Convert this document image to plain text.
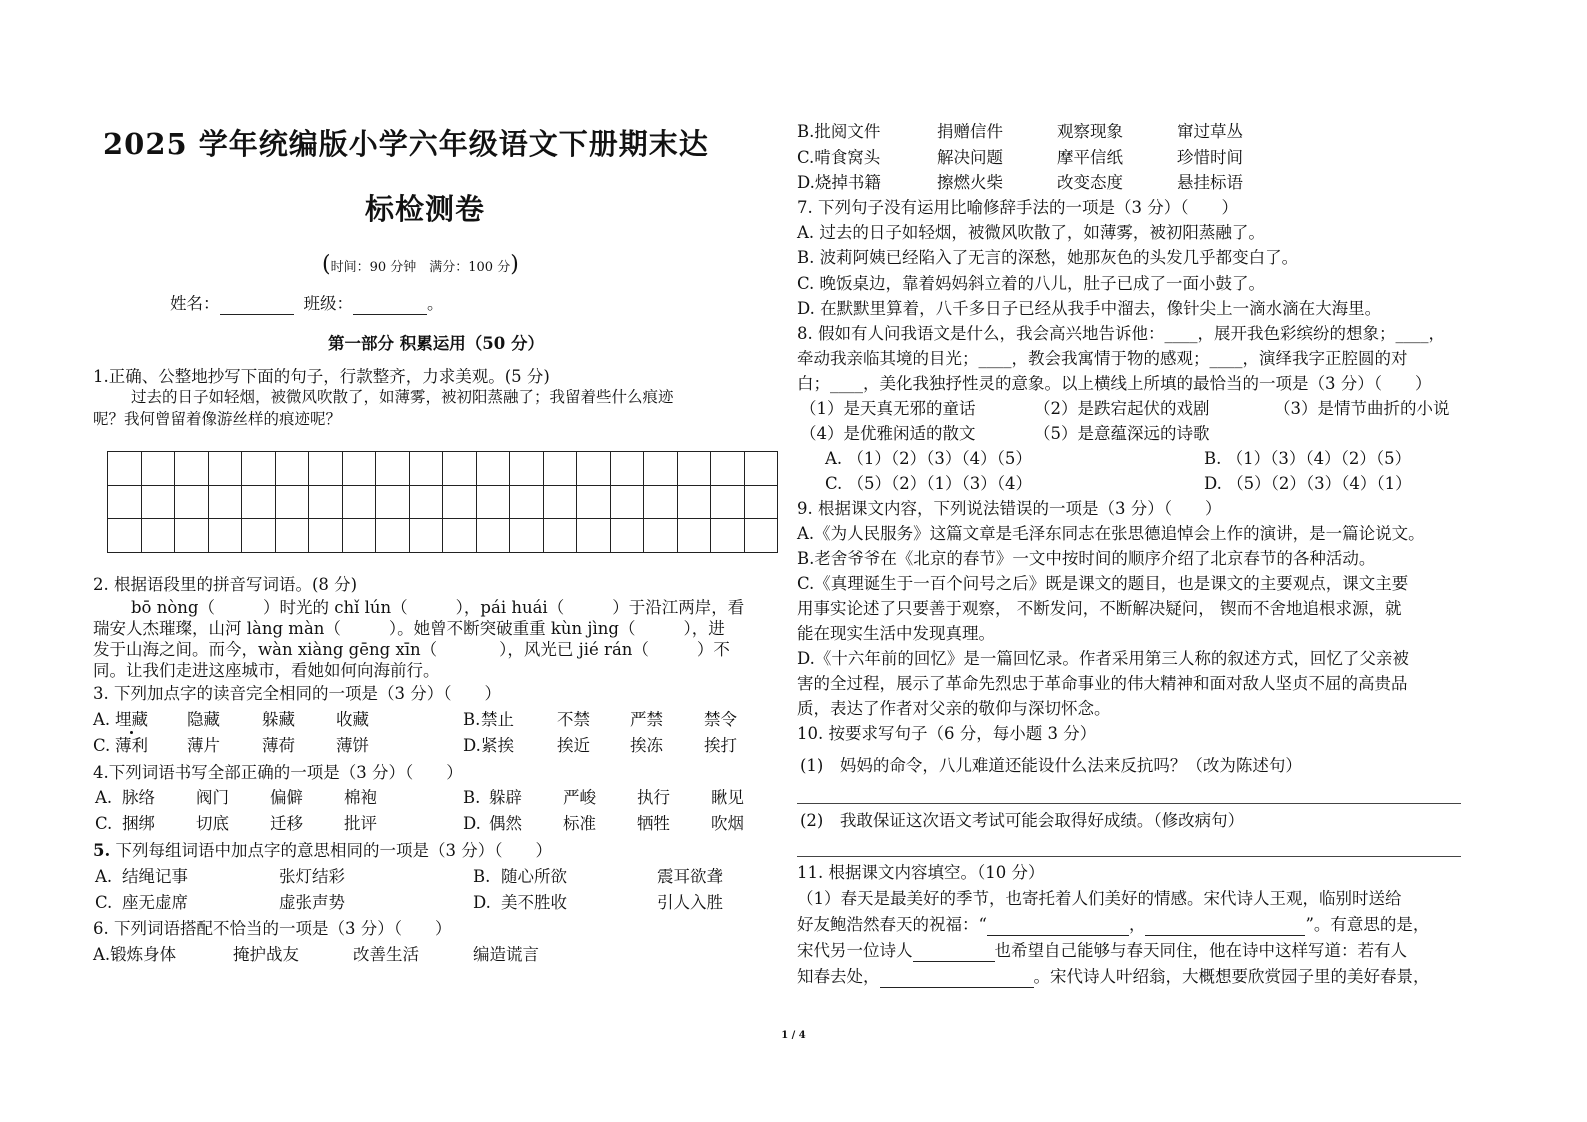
2025 学年统编版小学六年级语文下册期末达
标检测卷
(时间：90 分钟　满分：100 分)
姓名：	班级：	。
第一部分 积累运用（50 分）
1.正确、公整地抄写下面的句子，行款整齐，力求美观。(5 分)
过去的日子如轻烟，被微风吹散了，如薄雾，被初阳蒸融了；我留着些什么痕迹
呢？我何曾留着像游丝样的痕迹呢？

2. 根据语段里的拼音写词语。(8 分)
bō nòng（	）时光的 chǐ lún（	），pái huái（	）于沿江两岸，看
瑞安人杰璀璨，山河 làng màn（	）。她曾不断突破重重 kùn jìng（	），进
发于山海之间。而今，wàn xiàng gēng xīn（	），风光已 jié rán（	）不
同。让我们走进这座城市，看她如何向海前行。
3. 下列加点字的读音完全相同的一项是（3 分）（　　）
A. 埋藏 隐藏	躲藏 收藏	B. 禁止	不禁 严禁 禁令
C. 薄利 薄片	薄荷 薄饼	D. 紧挨	挨近 挨冻 挨打
4.下列词语书写全部正确的一项是（3 分）（　　）
A. 脉络 阀门 偏僻 棉袍	B. 躲辟 严峻 执行 瞅见
C. 捆绑 切底 迁移 批评	D. 偶然 标准 牺牲 吹烟
5. 下列每组词语中加点字的意思相同的一项是（3 分）（　　）
A. 结绳记事	张灯结彩	B. 随心所欲	震耳欲聋
C. 座无虚席	虚张声势	D. 美不胜收	引人入胜
6. 下列词语搭配不恰当的一项是（3 分）（　　）
A.锻炼身体	掩护战友	改善生活	编造谎言
B.批阅文件	捐赠信件	观察现象	窜过草丛
C.啃食窝头	解决问题	摩平信纸	珍惜时间
D.烧掉书籍	擦燃火柴	改变态度	悬挂标语
7. 下列句子没有运用比喻修辞手法的一项是（3 分）（　　）
A. 过去的日子如轻烟，被微风吹散了，如薄雾，被初阳蒸融了。
B. 波莉阿姨已经陷入了无言的深愁，她那灰色的头发几乎都变白了。
C. 晚饭桌边，靠着妈妈斜立着的八儿，肚子已成了一面小鼓了。
D. 在默默里算着，八千多日子已经从我手中溜去，像针尖上一滴水滴在大海里。
8. 假如有人问我语文是什么，我会高兴地告诉他：____，展开我色彩缤纷的想象；____，
牵动我亲临其境的目光；____，教会我寓情于物的感观；____，演绎我字正腔圆的对
白；____，美化我独抒性灵的意象。以上横线上所填的最恰当的一项是（3 分）（　　）
（1）是天真无邪的童话	（2）是跌宕起伏的戏剧	（3）是情节曲折的小说
（4）是优雅闲适的散文	（5）是意蕴深远的诗歌
A. （1）（2）（3）（4）（5）	B. （1）（3）（4）（2）（5）
C. （5）（2）（1）（3）（4）	D. （5）（2）（3）（4）（1）
9. 根据课文内容，下列说法错误的一项是（3 分）（　　）
A.《为人民服务》这篇文章是毛泽东同志在张思德追悼会上作的演讲，是一篇论说文。
B.老舍爷爷在《北京的春节》一文中按时间的顺序介绍了北京春节的各种活动。
C.《真理诞生于一百个问号之后》既是课文的题目，也是课文的主要观点，课文主要
用事实论述了只要善于观察， 不断发问，不断解决疑问， 锲而不舍地追根求源，就
能在现实生活中发现真理。
D.《十六年前的回忆》是一篇回忆录。作者采用第三人称的叙述方式，回忆了父亲被
害的全过程，展示了革命先烈忠于革命事业的伟大精神和面对敌人坚贞不屈的高贵品
质，表达了作者对父亲的敬仰与深切怀念。
10. 按要求写句子（6 分，每小题 3 分）
(1)　妈妈的命令，八儿难道还能设什么法来反抗吗？（改为陈述句）
(2)　我敢保证这次语文考试可能会取得好成绩。（修改病句）
11. 根据课文内容填空。（10 分）
（1）春天是最美好的季节，也寄托着人们美好的情感。宋代诗人王观，临别时送给
好友鲍浩然春天的祝福：“	，	”。有意思的是，
宋代另一位诗人	也希望自己能够与春天同住，他在诗中这样写道：若有人
知春去处，	。宋代诗人叶绍翁，大概想要欣赏园子里的美好春景，
1 / 4
